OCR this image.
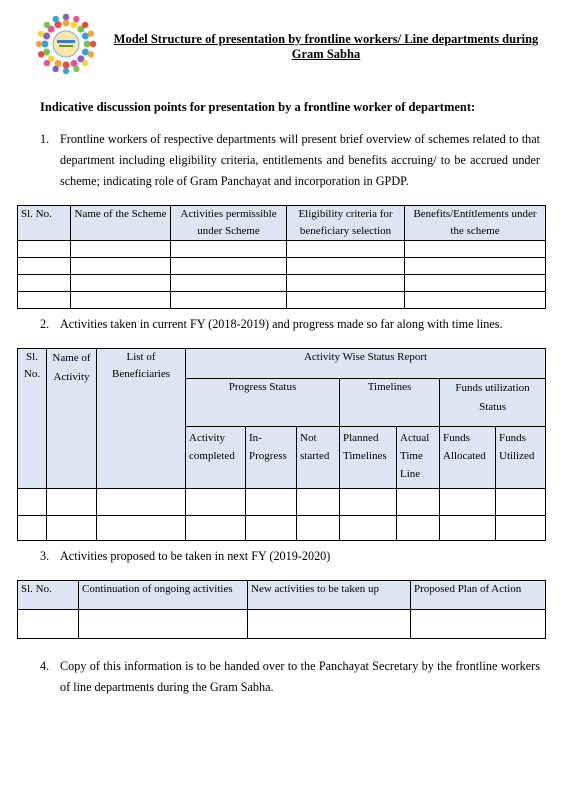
Model Structure of presentation by frontline workers/ Line departments during Gram Sabha
Indicative discussion points for presentation by a frontline worker of department:
1. Frontline workers of respective departments will present brief overview of schemes related to that department including eligibility criteria, entitlements and benefits accruing/ to be accrued under scheme; indicating role of Gram Panchayat and incorporation in GPDP.
Sl. No.	Name of the Scheme	Activities permissible under Scheme	Eligibility criteria for beneficiary selection	Benefits/Entitlements under the scheme

2. Activities taken in current FY (2018-2019) and progress made so far along with time lines.
Sl. No.	Name of Activity	List of Beneficiaries	Activity Wise Status Report						
			Progress Status			Timelines		Funds utilization Status	
			Activity completed	In-Progress	Not started	Planned Timelines	Actual Time Line	Funds Allocated	Funds Utilized

3. Activities proposed to be taken in next FY (2019-2020)
Sl. No.	Continuation of ongoing activities	New activities to be taken up	Proposed Plan of Action

4. Copy of this information is to be handed over to the Panchayat Secretary by the frontline workers of line departments during the Gram Sabha.
